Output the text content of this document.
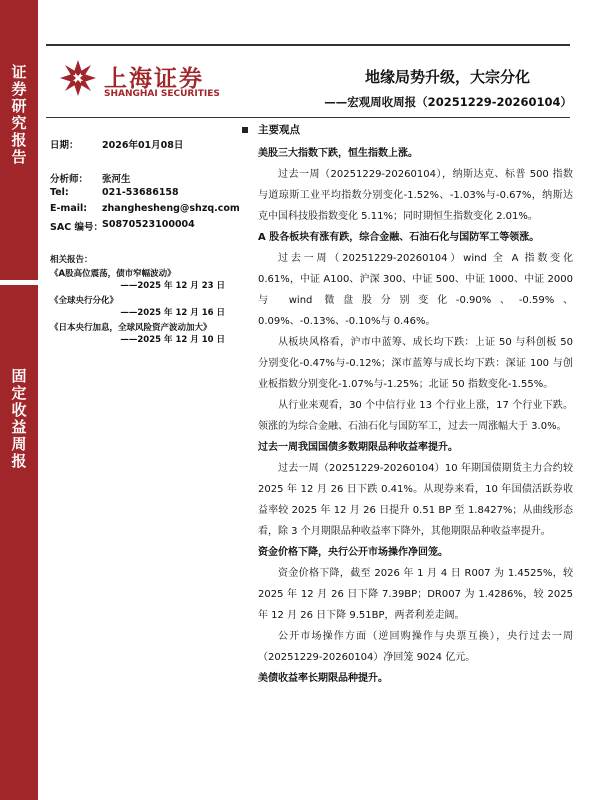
证券研究报告
固定收益周报
上海证券
SHANGHAI SECURITIES
地缘局势升级，大宗分化
——宏观周收周报（20251229-20260104）
日期： 2026年01月08日
分析师： 张河生
Tel:	021-53686158
E-mail: zhanghesheng@shzq.com
SAC 编号： S0870523100004
相关报告：
《A股高位震荡，债市窄幅波动》
——2025 年 12 月 23 日
《全球央行分化》
——2025 年 12 月 16 日
《日本央行加息，全球风险资产波动加大》
——2025 年 12 月 10 日
主要观点
美股三大指数下跌，恒生指数上涨。
过去一周（20251229-20260104），纳斯达克、标普 500 指数与道琼斯工业平均指数分别变化-1.52%、-1.03%与-0.67%，纳斯达克中国科技股指数变化 5.11%；同时期恒生指数变化 2.01%。
A 股各板块有涨有跌，综合金融、石油石化与国防军工等领涨。
过去一周（20251229-20260104）wind 全 A 指数变化 0.61%，中证 A100、沪深 300、中证 500、中证 1000、中证 2000 与 wind 微盘股分别变化-0.90%、-0.59%、0.09%、-0.13%、-0.10%与 0.46%。
从板块风格看，沪市中蓝筹、成长均下跌：上证 50 与科创板 50 分别变化-0.47%与-0.12%；深市蓝筹与成长均下跌：深证 100 与创业板指数分别变化-1.07%与-1.25%；北证 50 指数变化-1.55%。
从行业来观看，30 个中信行业 13 个行业上涨，17 个行业下跌。领涨的为综合金融、石油石化与国防军工，过去一周涨幅大于 3.0%。
过去一周我国国债多数期限品种收益率提升。
过去一周（20251229-20260104）10 年期国债期货主力合约较 2025 年 12 月 26 日下跌 0.41%。从现券来看，10 年国债活跃券收益率较 2025 年 12 月 26 日提升 0.51 BP 至 1.8427%；从曲线形态看，除 3 个月期限品种收益率下降外，其他期限品种收益率提升。
资金价格下降，央行公开市场操作净回笼。
资金价格下降，截至 2026 年 1 月 4 日 R007 为 1.4525%，较 2025 年 12 月 26 日下降 7.39BP；DR007 为 1.4286%，较 2025 年 12 月 26 日下降 9.51BP，两者利差走阔。
公开市场操作方面（逆回购操作与央票互换），央行过去一周（20251229-20260104）净回笼 9024 亿元。
美债收益率长期限品种提升。
